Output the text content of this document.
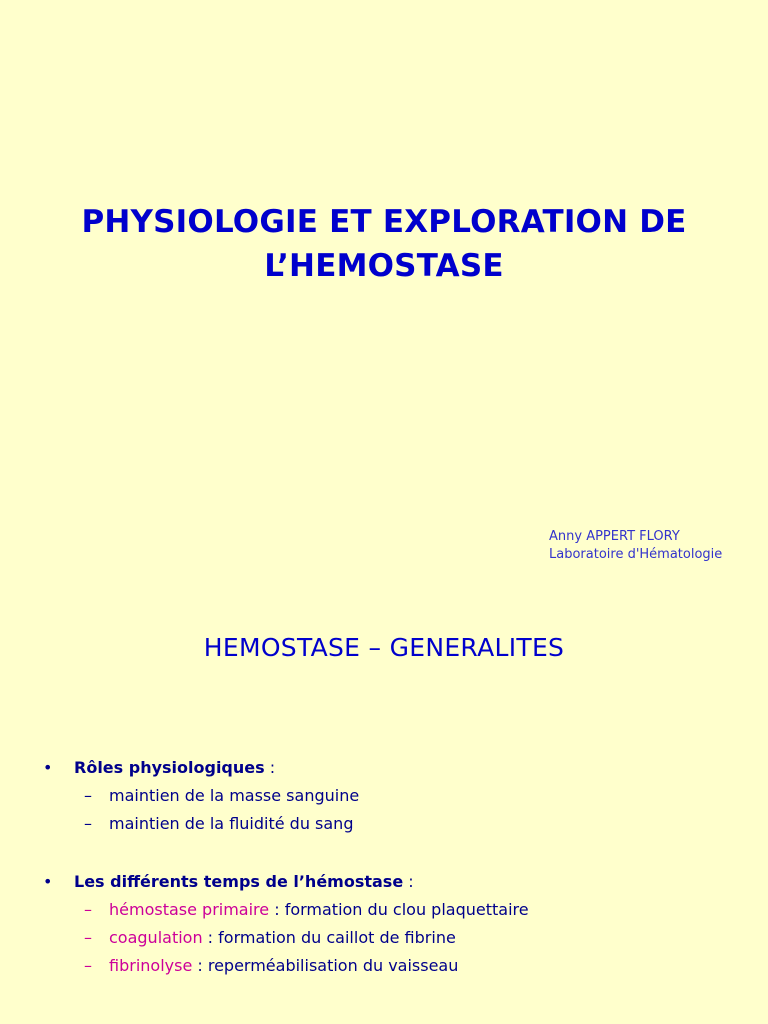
PHYSIOLOGIE ET EXPLORATION DE
L’HEMOSTASE
Anny APPERT FLORY
Laboratoire d'Hématologie
HEMOSTASE – GENERALITES
• Rôles physiologiques :
– maintien de la masse sanguine
– maintien de la fluidité du sang
• Les différents temps de l’hémostase :
– hémostase primaire : formation du clou plaquettaire
– coagulation : formation du caillot de fibrine
– fibrinolyse : reperméabilisation du vaisseau
